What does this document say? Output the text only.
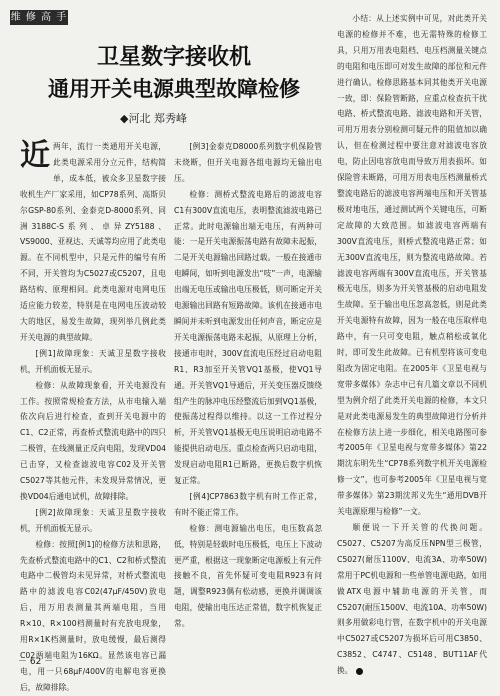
维 修 高 手
卫星数字接收机
通用开关电源典型故障检修
◆河北 郑秀峰

近两年，流行一类通用开关电源，此类电源采用分立元件，结构简单，成本低，被众多卫星数字接收机生产厂家采用，如CP78系列、高斯贝尔GSP-80系列、金泰克D-8000系列、同洲3188C-S系列、卓异ZY5188、VS9000、亚视达、天诚等均应用了此类电源。在不同机型中，只是元件的编号有所不同，开关管均为C5027或C5207，且电路结构、原理相同。此类电源对电网电压适应能力较差，特别是在电网电压波动较大的地区，易发生故障，现列举几例此类开关电源的典型故障。

[例1]故障现象：天诚卫星数字接收机，开机面板无显示。

检修：从故障现象看，开关电源没有工作。按照常规检查方法，从市电输入端依次向后进行检查，查到开关电源中的C1、C2正常，再查桥式整流电路中的四只二极管，在线测量正反向电阻，发现VD04已击穿，又检查滤波电容C02及开关管C5027等其他元件，未发现异常情况，更换VD04后通电试机，故障排除。

[例2]故障现象：天诚卫星数字接收机，开机面板无显示。

检修：按照[例1]的检修方法和思路，先查桥式整流电路中的C1、C2和桥式整流电路中二极管均未见异常，对桥式整流电路中的滤波电容C02(47μF/450V)放电后，用万用表测量其两端电阻，当用R×10、R×100档测量时有充放电现象，用R×1K档测量时，放电缓慢，最后测得C02两端电阻为16KΩ。显然该电容已漏电，用一只68μF/400V的电解电容更换后，故障排除。

[例3]金泰克D8000系列数字机保险管未烧断，但开关电源各组电源均无输出电压。

检修：测桥式整流电路后的滤波电容C1有300V直流电压，表明整流滤波电路已正常。此时电源输出端无电压，有两种可能：一是开关电源振荡电路有故障未起振，二是开关电源输出回路过载。一般在接通市电瞬间，如听到电源发出“吱”一声，电源输出端无电压或输出电压极低，则可断定开关电源输出回路有短路故障。该机在接通市电瞬间并未听到电源发出任何声音，断定应是开关电源振荡电路未起振，从原理上分析，接通市电时，300V直流电压经过启动电阻R1、R3加至开关管VQ1基极，使VQ1导通。开关管VQ1导通后，开关变压器反馈绕组产生的脉冲电压经整流后加到VQ1基极，使振荡过程得以维持。以这一工作过程分析，开关管VQ1基极无电压说明启动电路不能提供启动电压。重点检查两只启动电阻，发现启动电阻R1已断路，更换后数字机恢复正常。

[例4]CP7863数字机有时工作正常，有时不能正常工作。

检修：测电源输出电压，电压数高忽低，特别是轻载时电压极低，电压上下波动更严重，根据这一现象断定电源板上有元件接触不良，首先怀疑可变电阻R923有问题，调整R923偶有松动感，更换并调调该电阻，使输出电压达正常值，数字机恢复正常。

小结：从上述实例中可见，对此类开关电源的检修并不难，也无需特殊的检修工具，只用万用表电阻档、电压档测量关键点的电阻和电压即可对发生故障的部位和元件进行确认。检修思路基本同其他类开关电源一致，即：保险管断路，应重点检查抗干扰电路、桥式整流电路、滤波电路和开关管，可用万用表分别检测可疑元件的阻值加以确认，但在检测过程中要注意对滤波电容放电，防止因电容放电而导致万用表损坏。如保险管未断路，可用万用表电压档测量桥式整流电路后的滤波电容两端电压和开关管基极对地电压，通过测试两个关键电压，可断定故障的大致范围。如滤波电容两端有300V直流电压，则桥式整流电路正常；如无300V直流电压，则为整流电路故障。若滤波电容两端有300V直流电压，开关管基极无电压，则多为开关管基极的启动电阻发生故障。至于输出电压忽高忽低，则是此类开关电源特有故障，因为一般在电压取样电路中，有一只可变电阻，触点稍松或氧化时，即可发生此故障。已有机型将该可变电阻改为固定电阻。在2005年《卫星电视与宽带多媒体》杂志中已有几篇文章以不同机型为例介绍了此类开关电源的检修，本文只是对此类电源易发生的典型故障进行分析并在检修方法上进一步细化，相关电路图可参考2005年《卫星电视与宽带多媒体》第22期沈东明先生“CP78系列数字机开关电源检修一文”，也可参考2005年《卫星电视与宽带多媒体》第23期沈邦义先生“通用DVB开关电源原理与检修”一文。

顺便说一下开关管的代换问题。C5027、C5207为高反压NPN型三极管，C5027(耐压1100V、电流3A、功率50W)常用于PC机电源和一些单管电源电路，如用做ATX电源中辅助电源的开关管，而C5207(耐压1500V、电流10A、功率50W)则多用做彩电行管，在数字机中的开关电源中C5027或C5207为损坏后可用C3850、C3852、C4747、C5148、BUT11AF代换。

－ 62 －
